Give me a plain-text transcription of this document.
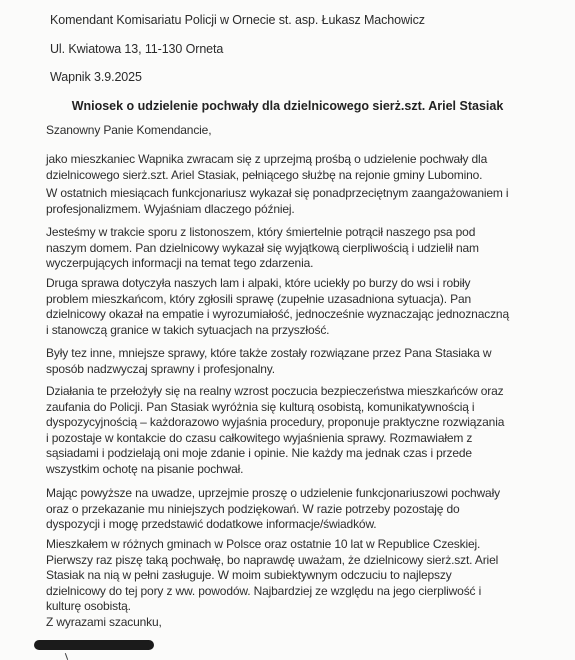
Komendant Komisariatu Policji w Ornecie st. asp. Łukasz Machowicz
Ul. Kwiatowa 13, 11-130 Orneta
Wapnik 3.9.2025
Wniosek o udzielenie pochwały dla dzielnicowego sierż.szt. Ariel Stasiak
Szanowny Panie Komendancie,

jako mieszkaniec Wapnika zwracam się z uprzejmą prośbą o udzielenie pochwały dla

dzielnicowego sierż.szt. Ariel Stasiak, pełniącego służbę na rejonie gminy Lubomino.

W ostatnich miesiącach funkcjonariusz wykazał się ponadprzeciętnym zaangażowaniem i

profesjonalizmem. Wyjaśniam dlaczego później.

Jesteśmy w trakcie sporu z listonoszem, który śmiertelnie potrącił naszego psa pod

naszym domem. Pan dzielnicowy wykazał się wyjątkową cierpliwością i udzielił nam

wyczerpujących informacji na temat tego zdarzenia.

Druga sprawa dotyczyła naszych lam i alpaki, które uciekły po burzy do wsi i robiły

problem mieszkańcom, który zgłosili sprawę (zupełnie uzasadniona sytuacja). Pan

dzielnicowy okazał na empatie i wyrozumiałość, jednocześnie wyznaczając jednoznaczną

i stanowczą granice w takich sytuacjach na przyszłość.

Były tez inne, mniejsze sprawy, które także zostały rozwiązane przez Pana Stasiaka w

sposób nadzwyczaj sprawny i profesjonalny.

Działania te przełożyły się na realny wzrost poczucia bezpieczeństwa mieszkańców oraz

zaufania do Policji. Pan Stasiak wyróżnia się kulturą osobistą, komunikatywnością i

dyspozycyjnością – każdorazowo wyjaśnia procedury, proponuje praktyczne rozwiązania

i pozostaje w kontakcie do czasu całkowitego wyjaśnienia sprawy. Rozmawiałem z

sąsiadami i podzielają oni moje zdanie i opinie. Nie każdy ma jednak czas i przede

wszystkim ochotę na pisanie pochwał.

Mając powyższe na uwadze, uprzejmie proszę o udzielenie funkcjonariuszowi pochwały

oraz o przekazanie mu niniejszych podziękowań. W razie potrzeby pozostaję do

dyspozycji i mogę przedstawić dodatkowe informacje/świadków.

Mieszkałem w różnych gminach w Polsce oraz ostatnie 10 lat w Republice Czeskiej.

Pierwszy raz piszę taką pochwałę, bo naprawdę uważam, że dzielnicowy sierż.szt. Ariel

Stasiak na nią w pełni zasługuje. W moim subiektywnym odczuciu to najlepszy

dzielnicowy do tej pory z ww. powodów. Najbardziej ze względu na jego cierpliwość i

kulturę osobistą.

Z wyrazami szacunku,
